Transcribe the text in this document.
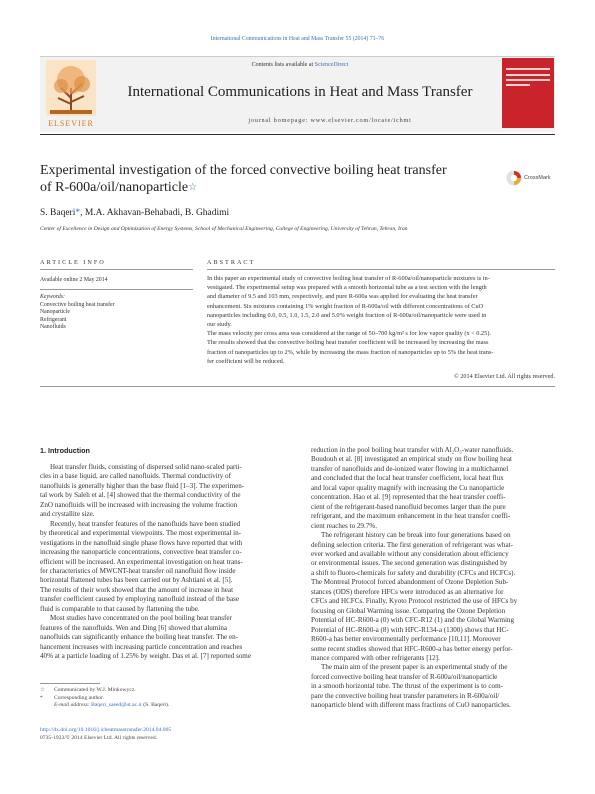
International Communications in Heat and Mass Transfer 55 (2014) 71–76
ELSEVIER
Contents lists available at ScienceDirect
International Communications in Heat and Mass Transfer
journal homepage: www.elsevier.com/locate/ichmt
Experimental investigation of the forced convective boiling heat transfer
of R-600a/oil/nanoparticle☆
CrossMark
S. Baqeri*, M.A. Akhavan-Behabadi, B. Ghadimi
Center of Excellence in Design and Optimization of Energy Systems, School of Mechanical Engineering, College of Engineering, University of Tehran, Tehran, Iran
ARTICLE INFO	ABSTRACT
Available online 2 May 2014
Keywords:
Convective boiling heat transfer
Nanoparticle
Refrigerant
Nanofluids
In this paper an experimental study of convective boiling heat transfer of R-600a/oil/nanoparticle mixtures is in-
vestigated. The experimental setup was prepared with a smooth horizontal tube as a test section with the length
and diameter of 9.5 and 103 mm, respectively, and pure R-600a was applied for evaluating the heat transfer
enhancement. Six mixtures containing 1% weight fraction of R-600a/oil with different concentrations of CuO
nanoparticles including 0.0, 0.5, 1.0, 1.5, 2.0 and 5.0% weight fraction of R-600a/oil/nanoparticle were used in
our study.
The mass velocity per cross area was considered at the range of 50–700 kg/m² s for low vapor quality (x < 0.25).
The results showed that the convective boiling heat transfer coefficient will be increased by increasing the mass
fraction of nanoparticles up to 2%, while by increasing the mass fraction of nanoparticles up to 5% the heat trans-
fer coefficient will be reduced.
© 2014 Elsevier Ltd. All rights reserved.
1. Introduction
Heat transfer fluids, consisting of dispersed solid nano-scaled parti-
cles in a base liquid, are called nanofluids. Thermal conductivity of
nanofluids is generally higher than the base fluid [1–3]. The experimen-
tal work by Saleh et al. [4] showed that the thermal conductivity of the
ZnO nanofluids will be increased with increasing the volume fraction
and crystallite size.
Recently, heat transfer features of the nanofluids have been studied
by theoretical and experimental viewpoints. The most experimental in-
vestigations in the nanofluid single phase flows have reported that with
increasing the nanoparticle concentrations, convective heat transfer co-
efficient will be increased. An experimental investigation on heat trans-
fer characteristics of MWCNT-heat transfer oil nanofluid flow inside
horizontal flattened tubes has been carried out by Ashtiani et al. [5].
The results of their work showed that the amount of increase in heat
transfer coefficient caused by employing nanofluid instead of the base
fluid is comparable to that caused by flattening the tube.
Most studies have concentrated on the pool boiling heat transfer
features of the nanofluids. Wen and Ding [6] showed that alumina
nanofluids can significantly enhance the boiling heat transfer. The en-
hancement increases with increasing particle concentration and reaches
40% at a particle loading of 1.25% by weight. Das et al. [7] reported some
reduction in the pool boiling heat transfer with Al₂O₃-water nanofluids.
Boudouh et al. [8] investigated an empirical study on flow boiling heat
transfer of nanofluids and de-ionized water flowing in a multichannel
and concluded that the local heat transfer coefficient, local heat flux
and local vapor quality magnify with increasing the Cu nanoparticle
concentration. Hao et al. [9] represented that the heat transfer coeffi-
cient of the refrigerant-based nanofluid becomes larger than the pure
refrigerant, and the maximum enhancement in the heat transfer coeffi-
cient reaches to 29.7%.
The refrigerant history can be break into four generations based on
defining selection criteria. The first generation of refrigerant was what-
ever worked and available without any consideration about efficiency
or environmental issues. The second generation was distinguished by
a shift to fluoro-chemicals for safety and durability (CFCs and HCFCs).
The Montreal Protocol forced abandonment of Ozone Depletion Sub-
stances (ODS) therefore HFCs were introduced as an alternative for
CFCs and HCFCs. Finally, Kyoto Protocol restricted the use of HFCs by
focusing on Global Warming issue. Comparing the Ozone Depletion
Potential of HC-R600-a (0) with CFC-R12 (1) and the Global Warming
Potential of HC-R600-a (8) with HFC-R134-a (1300) shows that HC-
R600-a has better environmentally performance [10,11]. Moreover
some recent studies showed that HFC-R600-a has better energy perfor-
mance compared with other refrigerants [12].
The main aim of the present paper is an experimental study of the
forced convective boiling heat transfer of R-600a/oil/nanoparticle
in a smooth horizontal tube. The thrust of the experiment is to com-
pare the convective boiling heat transfer parameters in R-600a/oil/
nanoparticle blend with different mass fractions of CuO nanoparticles.
☆ Communicated by W.J. Minkowycz.
* Corresponding author.
E-mail address: Baqeri_saeed@ut.ac.ir (S. Baqeri).
http://dx.doi.org/10.1016/j.icheatmasstransfer.2014.04.005
0735-1933/© 2014 Elsevier Ltd. All rights reserved.
